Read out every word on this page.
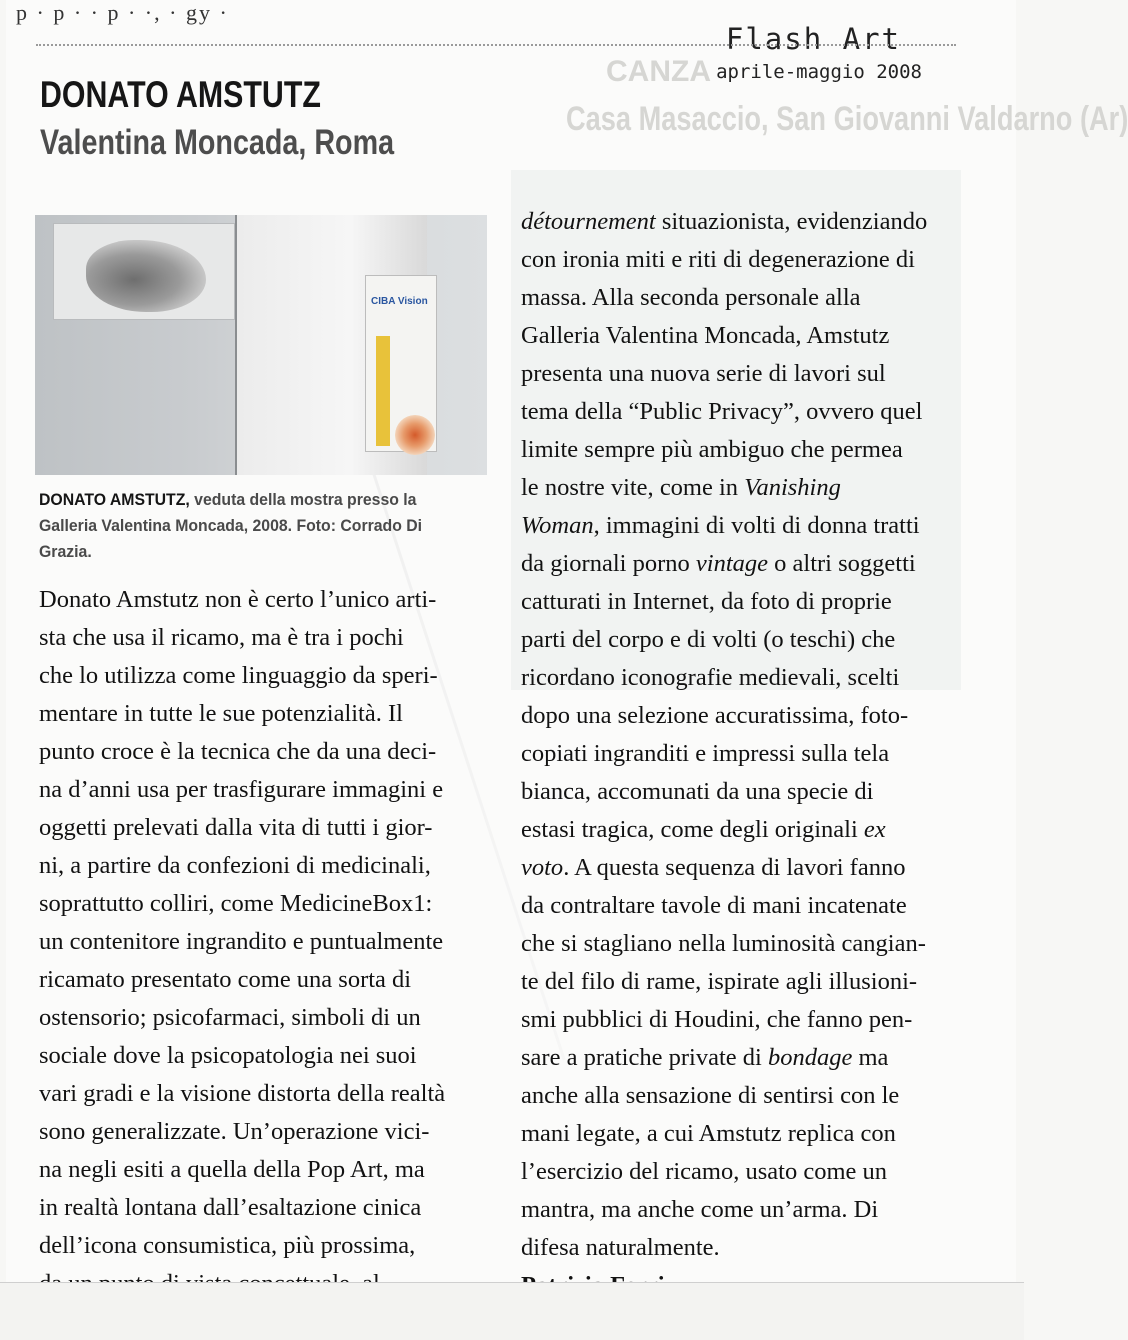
CANZA
Casa Masaccio, San Giovanni Valdarno (Ar)
p · p · · p · ·, · gy ·
Flash Art
aprile-maggio 2008
DONATO AMSTUTZ
Valentina Moncada, Roma
CIBA Vision
DONATO AMSTUTZ, veduta della mostra presso la Galleria Valentina Moncada, 2008. Foto: Corrado Di Grazia.
Donato Amstutz non è certo l’unico arti-
sta che usa il ricamo, ma è tra i pochi
che lo utilizza come linguaggio da speri-
mentare in tutte le sue potenzialità. Il
punto croce è la tecnica che da una deci-
na d’anni usa per trasfigurare immagini e
oggetti prelevati dalla vita di tutti i gior-
ni, a partire da confezioni di medicinali,
soprattutto colliri, come MedicineBox1:
un contenitore ingrandito e puntualmente
ricamato presentato come una sorta di
ostensorio; psicofarmaci, simboli di un
sociale dove la psicopatologia nei suoi
vari gradi e la visione distorta della realtà
sono generalizzate. Un’operazione vici-
na negli esiti a quella della Pop Art, ma
in realtà lontana dall’esaltazione cinica
dell’icona consumistica, più prossima,
détournement situazionista, evidenziando
con ironia miti e riti di degenerazione di
massa. Alla seconda personale alla
Galleria Valentina Moncada, Amstutz
presenta una nuova serie di lavori sul
tema della “Public Privacy”, ovvero quel
limite sempre più ambiguo che permea
le nostre vite, come in Vanishing
Woman, immagini di volti di donna tratti
da giornali porno vintage o altri soggetti
catturati in Internet, da foto di proprie
parti del corpo e di volti (o teschi) che
ricordano iconografie medievali, scelti
dopo una selezione accuratissima, foto-
copiati ingranditi e impressi sulla tela
bianca, accomunati da una specie di
estasi tragica, come degli originali ex
voto. A questa sequenza di lavori fanno
da contraltare tavole di mani incatenate
che si stagliano nella luminosità cangian-
te del filo di rame, ispirate agli illusioni-
smi pubblici di Houdini, che fanno pen-
sare a pratiche private di bondage ma
anche alla sensazione di sentirsi con le
mani legate, a cui Amstutz replica con
l’esercizio del ricamo, usato come un
mantra, ma anche come un’arma. Di
difesa naturalmente.
